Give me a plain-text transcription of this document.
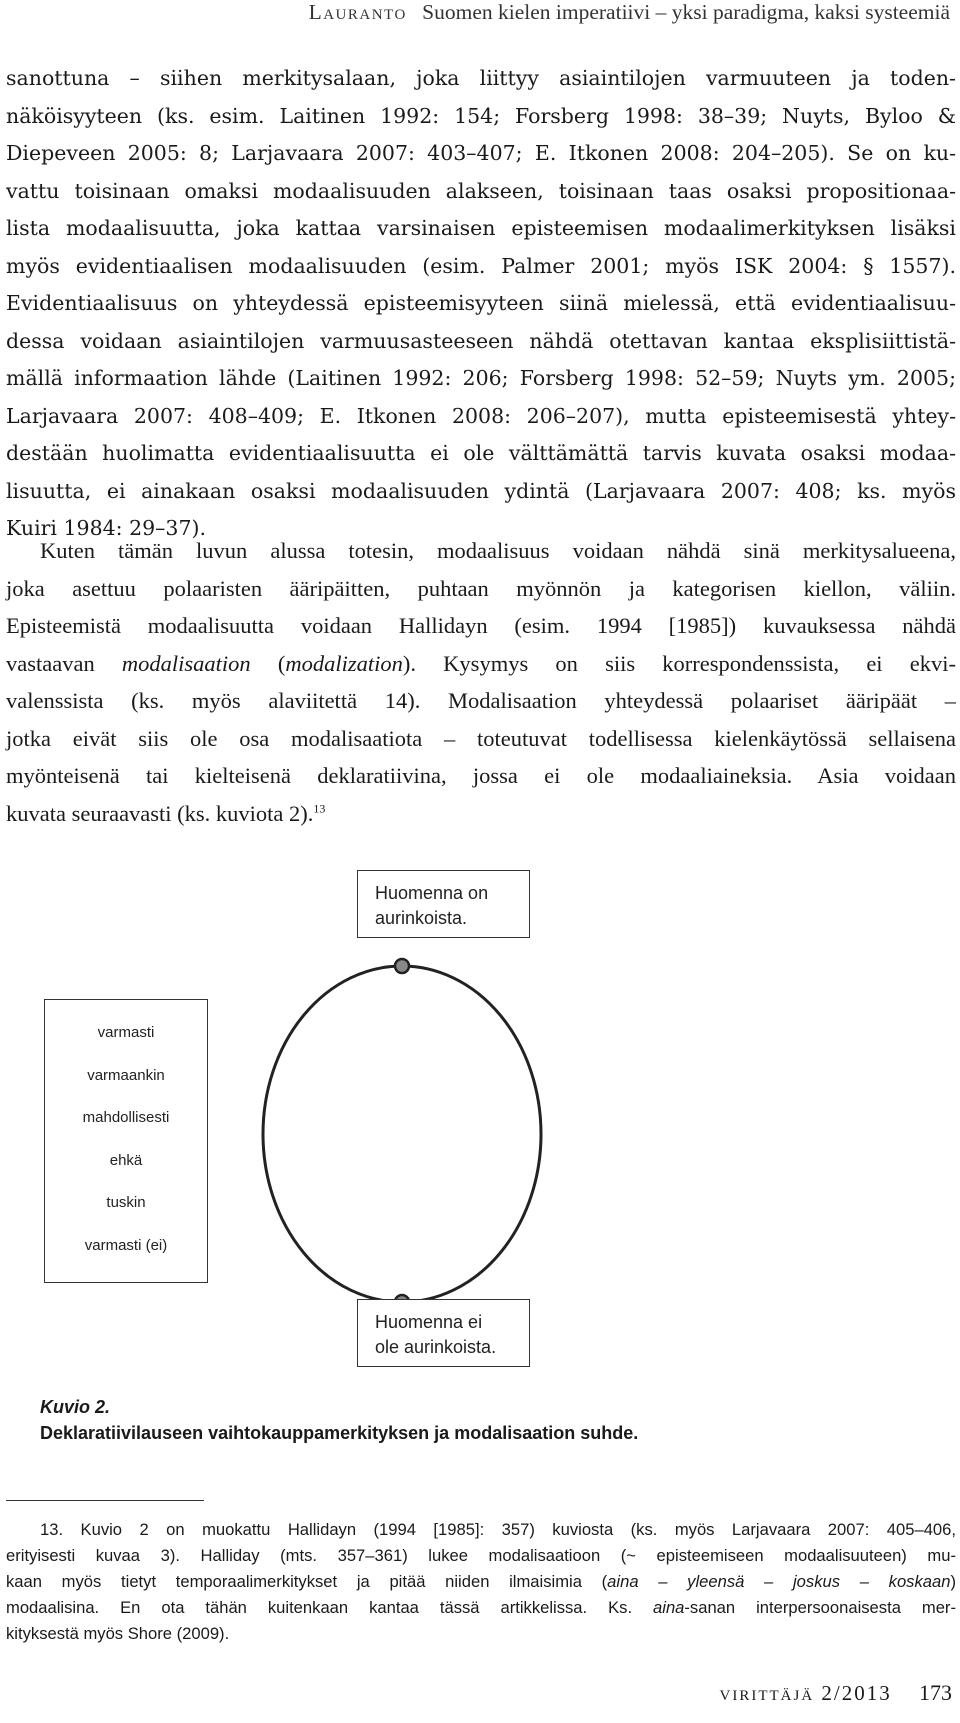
Lauranto Suomen kielen imperatiivi – yksi paradigma, kaksi systeemiä
sanottuna – siihen merkitysalaan, joka liittyy asiaintilojen varmuuteen ja toden-
näköisyyteen (ks. esim. Laitinen 1992: 154; Forsberg 1998: 38–39; Nuyts, Byloo &
Diepeveen 2005: 8; Larjavaara 2007: 403–407; E. Itkonen 2008: 204–205). Se on ku-
vattu toisinaan omaksi modaalisuuden alakseen, toisinaan taas osaksi propositionaa-
lista modaalisuutta, joka kattaa varsinaisen episteemisen modaalimerkityksen lisäksi
myös evidentiaalisen modaalisuuden (esim. Palmer 2001; myös ISK 2004: § 1557).
Evidentiaalisuus on yhteydessä episteemisyyteen siinä mielessä, että evidentiaalisuu-
dessa voidaan asiaintilojen varmuusasteeseen nähdä otettavan kantaa eksplisiittistä-
mällä informaation lähde (Laitinen 1992: 206; Forsberg 1998: 52–59; Nuyts ym. 2005;
Larjavaara 2007: 408–409; E. Itkonen 2008: 206–207), mutta episteemisestä yhtey-
destään huolimatta evidentiaalisuutta ei ole välttämättä tarvis kuvata osaksi modaa-
lisuutta, ei ainakaan osaksi modaalisuuden ydintä (Larjavaara 2007: 408; ks. myös
Kuiri 1984: 29–37).
Kuten tämän luvun alussa totesin, modaalisuus voidaan nähdä sinä merkitysalueena,
joka asettuu polaaristen ääripäitten, puhtaan myönnön ja kategorisen kiellon, väliin.
Episteemistä modaalisuutta voidaan Hallidayn (esim. 1994 [1985]) kuvauksessa nähdä
vastaavan modalisaation (modalization). Kysymys on siis korrespondenssista, ei ekvi-
valenssista (ks. myös alaviitettä 14). Modalisaation yhteydessä polaariset ääripäät –
jotka eivät siis ole osa modalisaatiota – toteutuvat todellisessa kielenkäytössä sellaisena
myönteisenä tai kielteisenä deklaratiivina, jossa ei ole modaaliaineksia. Asia voidaan
kuvata seuraavasti (ks. kuviota 2).$^{13}$
Huomenna on
aurinkoista.
varmasti
varmaankin
mahdollisesti
ehkä
tuskin
varmasti (ei)
Huomenna ei
ole aurinkoista.
Kuvio 2.
Deklaratiivilauseen vaihtokauppamerkityksen ja modalisaation suhde.
13. Kuvio 2 on muokattu Hallidayn (1994 [1985]: 357) kuviosta (ks. myös Larjavaara 2007: 405–406,
erityisesti kuvaa 3). Halliday (mts. 357–361) lukee modalisaatioon (~ episteemiseen modaalisuuteen) mu-
kaan myös tietyt temporaalimerkitykset ja pitää niiden ilmaisimia (aina – yleensä – joskus – koskaan)
modaalisina. En ota tähän kuitenkaan kantaa tässä artikkelissa. Ks. aina-sanan interpersoonaisesta mer-
kityksestä myös Shore (2009).
virittäjä 2/2013 173
